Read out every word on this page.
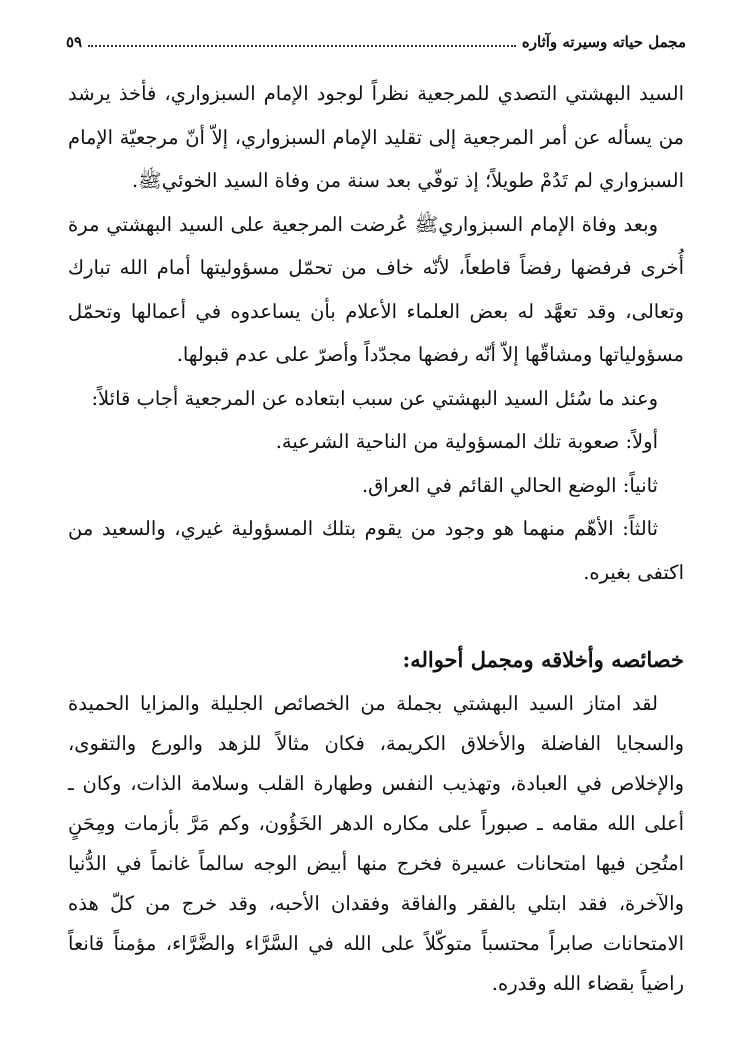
مجمل حياته وسيرته وآثاره
٥٩

السيد البهشتي التصدي للمرجعية نظراً لوجود الإمام السبزواري، فأخذ يرشد من يسأله عن أمر المرجعية إلى تقليد الإمام السبزواري، إلاّ أنّ مرجعيّة الإمام السبزواري لم تَدُمْ طويلاً؛ إذ توفّي بعد سنة من وفاة السيد الخوئيﷺ.

وبعد وفاة الإمام السبزواريﷺ عُرضت المرجعية على السيد البهشتي مرة أُخرى فرفضها رفضاً قاطعاً، لأنّه خاف من تحمّل مسؤوليتها أمام الله تبارك وتعالى، وقد تعهَّد له بعض العلماء الأعلام بأن يساعدوه في أعمالها وتحمّل مسؤولياتها ومشاقّها إلاّ أنّه رفضها مجدّداً وأصرّ على عدم قبولها.

وعند ما سُئل السيد البهشتي عن سبب ابتعاده عن المرجعية أجاب قائلاً:

أولاً: صعوبة تلك المسؤولية من الناحية الشرعية.

ثانياً: الوضع الحالي القائم في العراق.

ثالثاً: الأهّم منهما هو وجود من يقوم بتلك المسؤولية غيري، والسعيد من اكتفى بغيره.

خصائصه وأخلاقه ومجمل أحواله:

لقد امتاز السيد البهشتي بجملة من الخصائص الجليلة والمزايا الحميدة والسجايا الفاضلة والأخلاق الكريمة، فكان مثالاً للزهد والورع والتقوى، والإخلاص في العبادة، وتهذيب النفس وطهارة القلب وسلامة الذات، وكان ـ أعلى الله مقامه ـ صبوراً على مكاره الدهر الخَؤُون، وكم مَرَّ بأزمات ومِحَنٍ امتُحِن فيها امتحانات عسيرة فخرج منها أبيض الوجه سالماً غانماً في الدُّنيا والآخرة، فقد ابتلي بالفقر والفاقة وفقدان الأحبه، وقد خرج من كلّ هذه الامتحانات صابراً محتسباً متوكّلاً على الله في السَّرَّاء والضَّرَّاء، مؤمناً قانعاً راضياً بقضاء الله وقدره.
